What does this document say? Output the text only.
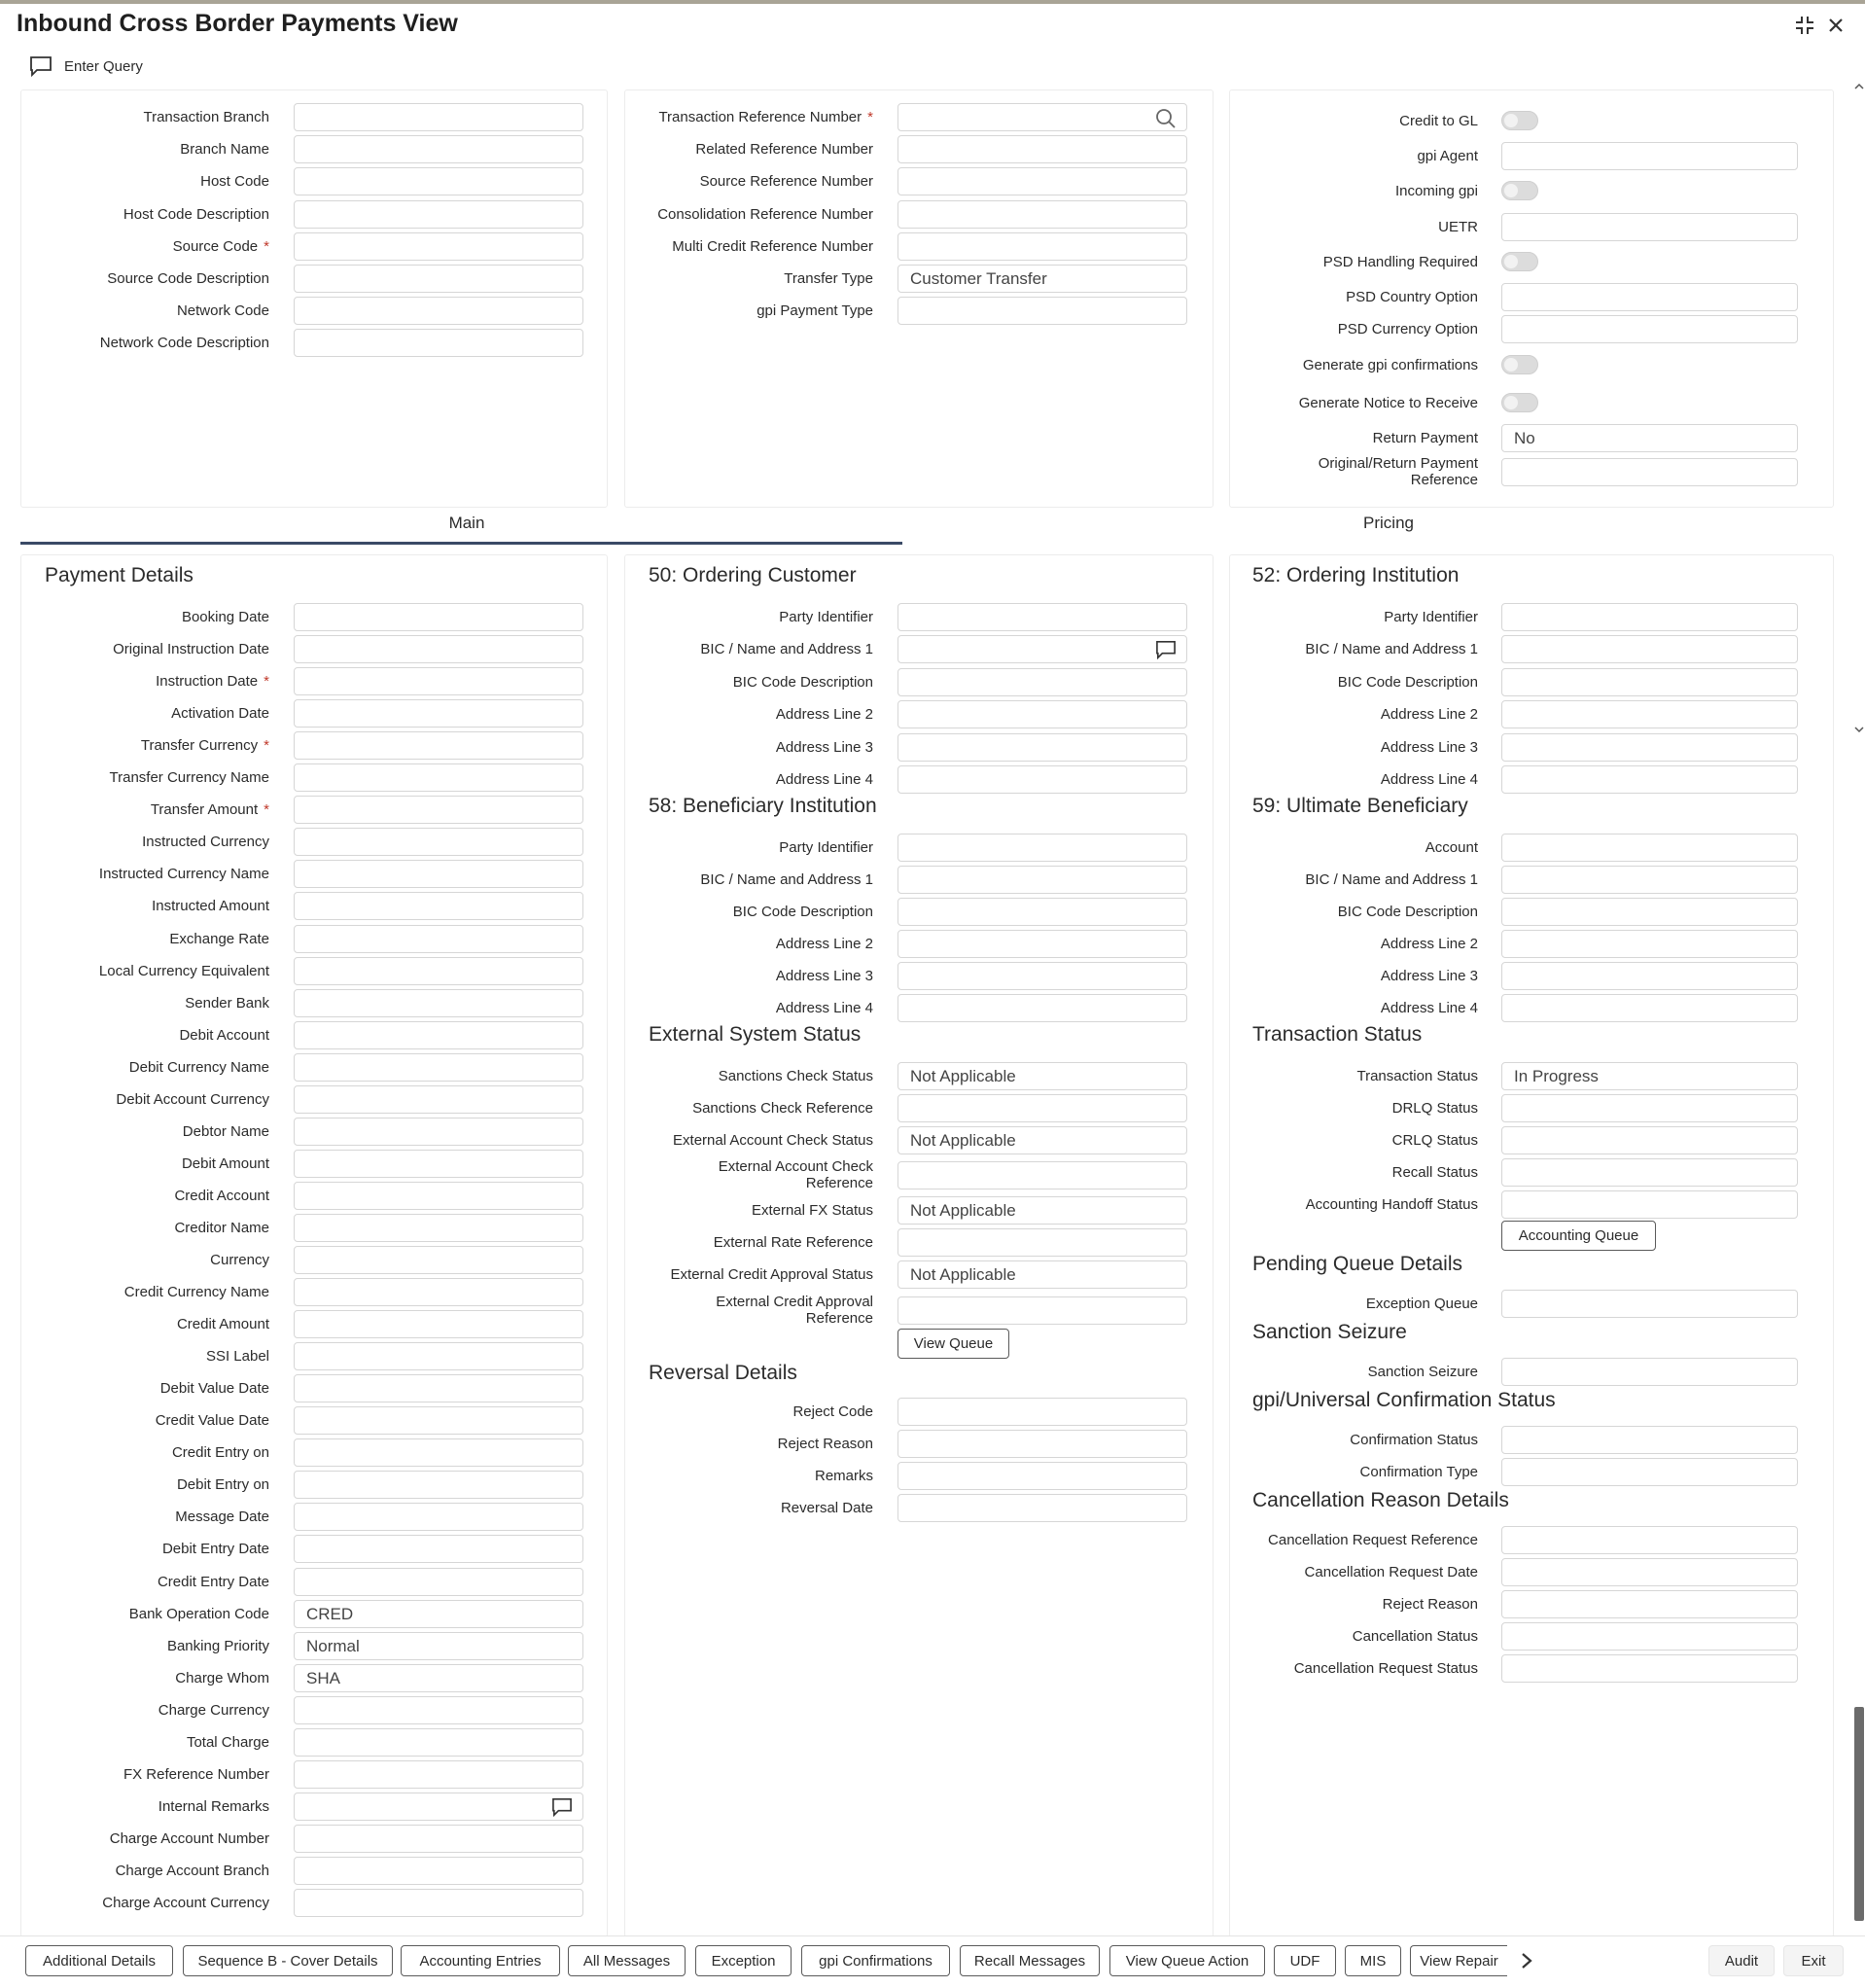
Inbound Cross Border Payments View
Enter Query
Main	Pricing
Transaction Branch
Branch Name
Host Code
Host Code Description
Source Code *
Source Code Description
Network Code
Network Code Description
Transaction Reference Number *
Related Reference Number
Source Reference Number
Consolidation Reference Number
Multi Credit Reference Number
Transfer Type	Customer Transfer
gpi Payment Type
Credit to GL
gpi Agent
Incoming gpi
UETR
PSD Handling Required
PSD Country Option
PSD Currency Option
Generate gpi confirmations
Generate Notice to Receive
Return Payment	No
Original/Return Payment
Reference
Payment Details
Booking Date
Original Instruction Date
Instruction Date *
Activation Date
Transfer Currency *
Transfer Currency Name
Transfer Amount *
Instructed Currency
Instructed Currency Name
Instructed Amount
Exchange Rate
Local Currency Equivalent
Sender Bank
Debit Account
Debit Currency Name
Debit Account Currency
Debtor Name
Debit Amount
Credit Account
Creditor Name
Currency
Credit Currency Name
Credit Amount
SSI Label
Debit Value Date
Credit Value Date
Credit Entry on
Debit Entry on
Message Date
Debit Entry Date
Credit Entry Date
Bank Operation Code	CRED
Banking Priority	Normal
Charge Whom	SHA
Charge Currency
Total Charge
FX Reference Number
Internal Remarks
Charge Account Number
Charge Account Branch
Charge Account Currency
50: Ordering Customer
Party Identifier
BIC / Name and Address 1
BIC Code Description
Address Line 2
Address Line 3
Address Line 4
58: Beneficiary Institution
Party Identifier
BIC / Name and Address 1
BIC Code Description
Address Line 2
Address Line 3
Address Line 4
External System Status
Sanctions Check Status	Not Applicable
Sanctions Check Reference
External Account Check Status	Not Applicable
External Account Check
Reference
External FX Status	Not Applicable
External Rate Reference
External Credit Approval Status	Not Applicable
External Credit Approval
Reference
View Queue
Reversal Details
Reject Code
Reject Reason
Remarks
Reversal Date
52: Ordering Institution
Party Identifier
BIC / Name and Address 1
BIC Code Description
Address Line 2
Address Line 3
Address Line 4
59: Ultimate Beneficiary
Account
BIC / Name and Address 1
BIC Code Description
Address Line 2
Address Line 3
Address Line 4
Transaction Status
Transaction Status	In Progress
DRLQ Status
CRLQ Status
Recall Status
Accounting Handoff Status
Accounting Queue
Pending Queue Details
Exception Queue
Sanction Seizure
Sanction Seizure
gpi/Universal Confirmation Status
Confirmation Status
Confirmation Type
Cancellation Reason Details
Cancellation Request Reference
Cancellation Request Date
Reject Reason
Cancellation Status
Cancellation Request Status
Additional Details	Sequence B - Cover Details	Accounting Entries	All Messages	Exception	gpi Confirmations	Recall Messages	View Queue Action	UDF	MIS	View Repair	Audit	Exit
